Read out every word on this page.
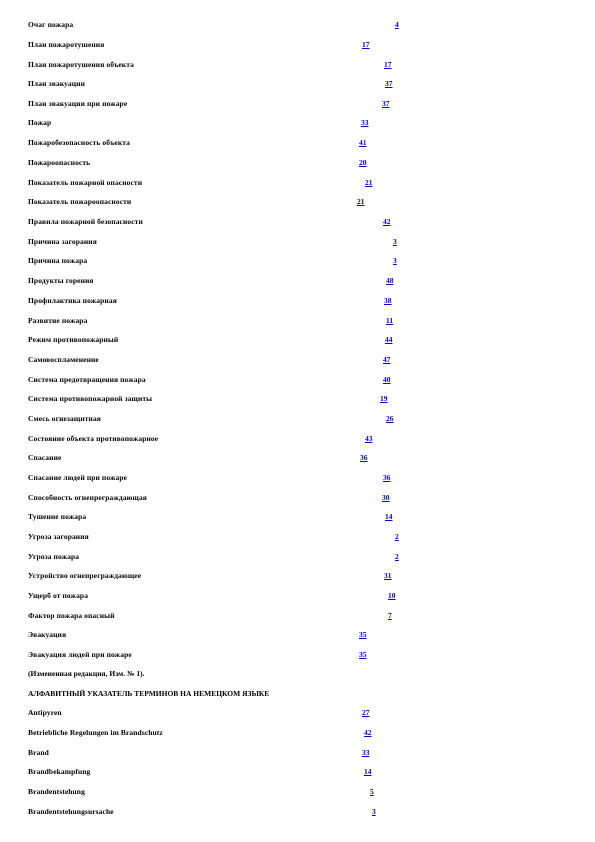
Очаг пожара	4
План пожаротушения	17
План пожаротушения объекта	17
План эвакуации	37
План эвакуации при пожаре	37
Пожар	33
Пожаробезопасность объекта	41
Пожароопасность	20
Показатель пожарной опасности	21
Показатель пожароопасности	21
Правила пожарной безопасности	42
Причина загорания	3
Причина пожара	3
Продукты горения	48
Профилактика пожарная	38
Развитие пожара	11
Режим противопожарный	44
Самовоспламенение	47
Система предотвращения пожара	40
Система противопожарной защиты	19
Смесь огнезащитная	26
Состояние объекта противопожарное	43
Спасание	36
Спасание людей при пожаре	36
Способность огнепреграждающая	30
Тушение пожара	14
Угроза загорания	2
Угроза пожара	2
Устройство огнепреграждающее	31
Ущерб от пожара	10
Фактор пожара опасный	7
Эвакуация	35
Эвакуация людей при пожаре	35
(Измененная редакция, Изм. № 1).
АЛФАВИТНЫЙ УКАЗАТЕЛЬ ТЕРМИНОВ НА НЕМЕЦКОМ ЯЗЫКЕ
Antipyren	27
Betriebliche Regelungen im Brandschutz	42
Brand	33
Brandbekampfung	14
Brandentstehung	5
Brandentstehungsursache	3
